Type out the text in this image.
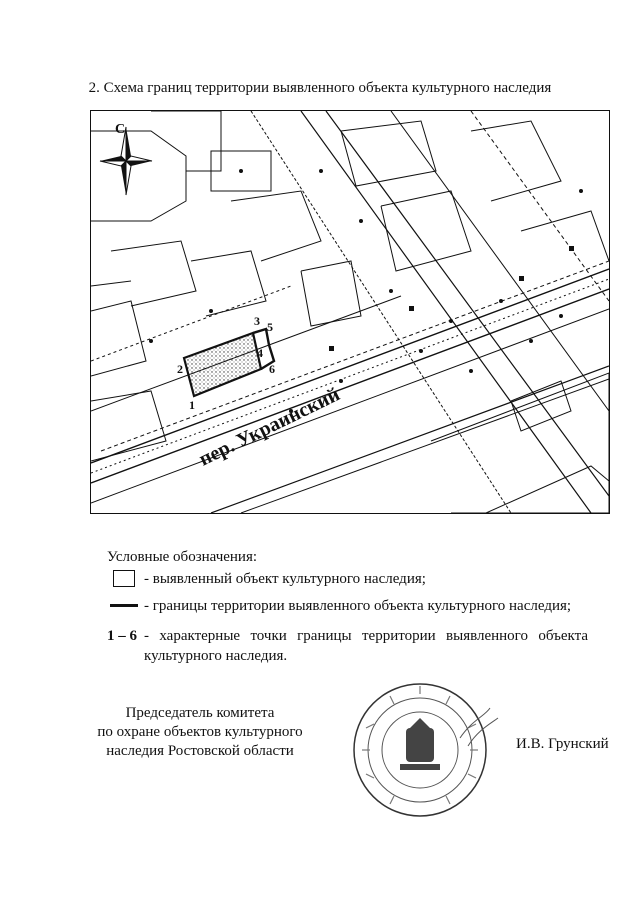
2. Схема границ территории выявленного объекта культурного наследия
С
пер. Украинский
1
2
3
4
5
6
Условные обозначения:
- выявленный объект культурного наследия;
- границы территории выявленного объекта культурного наследия;
1 – 6 - характерные точки границы территории выявленного объекта
культурного наследия.
Председатель комитета
по охране объектов культурного
наследия Ростовской области	И.В. Грунский
